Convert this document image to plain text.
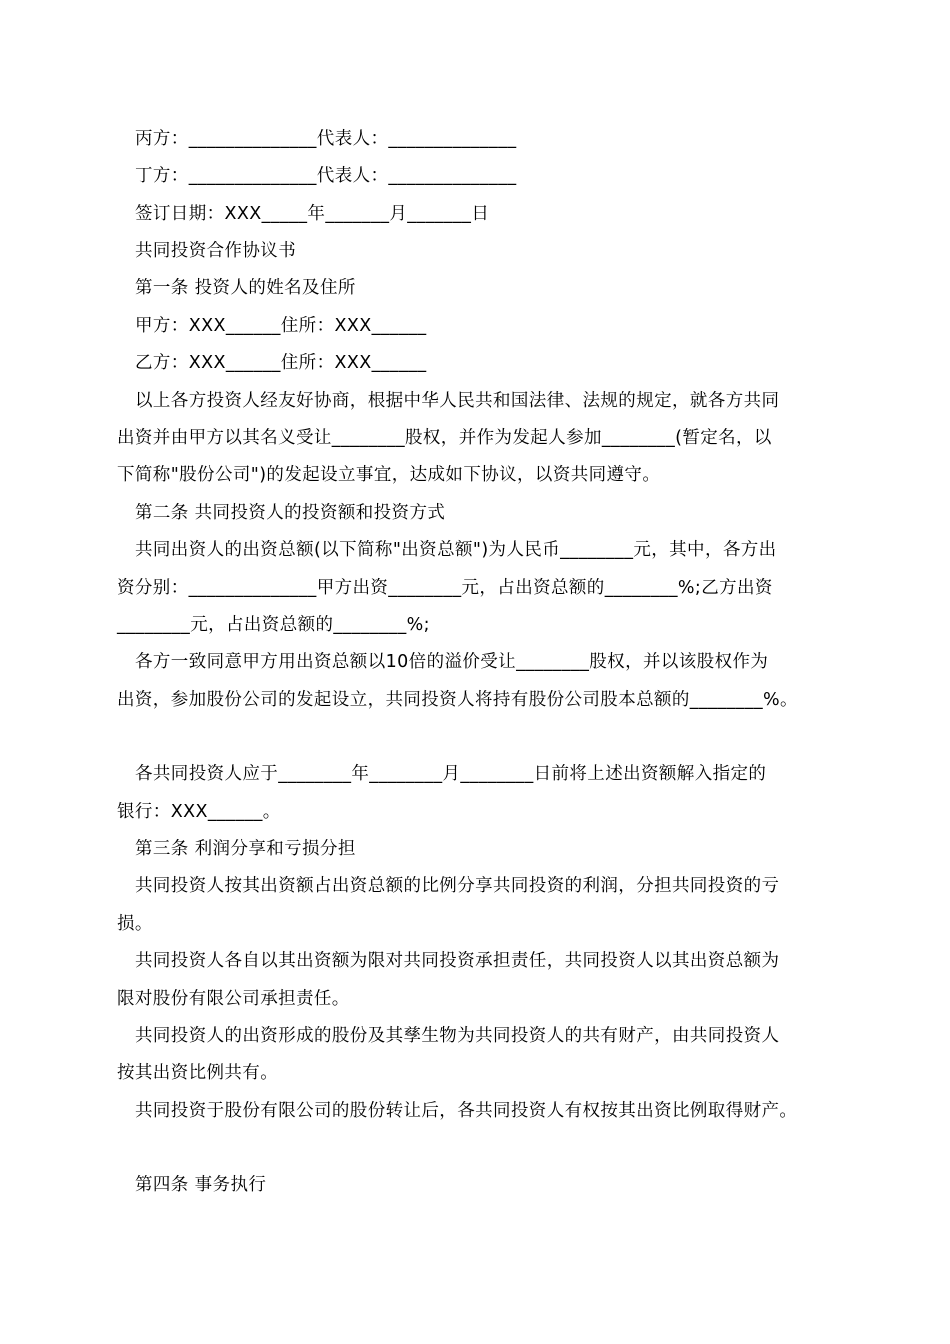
丙方：______________代表人：______________
丁方：______________代表人：______________
签订日期：XXX_____年_______月_______日
共同投资合作协议书
第一条 投资人的姓名及住所
甲方：XXX______住所：XXX______
乙方：XXX______住所：XXX______
以上各方投资人经友好协商，根据中华人民共和国法律、法规的规定，就各方共同
出资并由甲方以其名义受让________股权，并作为发起人参加________(暂定名，以
下简称"股份公司")的发起设立事宜，达成如下协议，以资共同遵守。
第二条 共同投资人的投资额和投资方式
共同出资人的出资总额(以下简称"出资总额")为人民币________元，其中，各方出
资分别：______________甲方出资________元，占出资总额的________%;乙方出资
________元，占出资总额的________%;
各方一致同意甲方用出资总额以10倍的溢价受让________股权，并以该股权作为
出资，参加股份公司的发起设立，共同投资人将持有股份公司股本总额的________%。
各共同投资人应于________年________月________日前将上述出资额解入指定的
银行：XXX______。
第三条 利润分享和亏损分担
共同投资人按其出资额占出资总额的比例分享共同投资的利润，分担共同投资的亏
损。
共同投资人各自以其出资额为限对共同投资承担责任，共同投资人以其出资总额为
限对股份有限公司承担责任。
共同投资人的出资形成的股份及其孳生物为共同投资人的共有财产，由共同投资人
按其出资比例共有。
共同投资于股份有限公司的股份转让后，各共同投资人有权按其出资比例取得财产。
第四条 事务执行
